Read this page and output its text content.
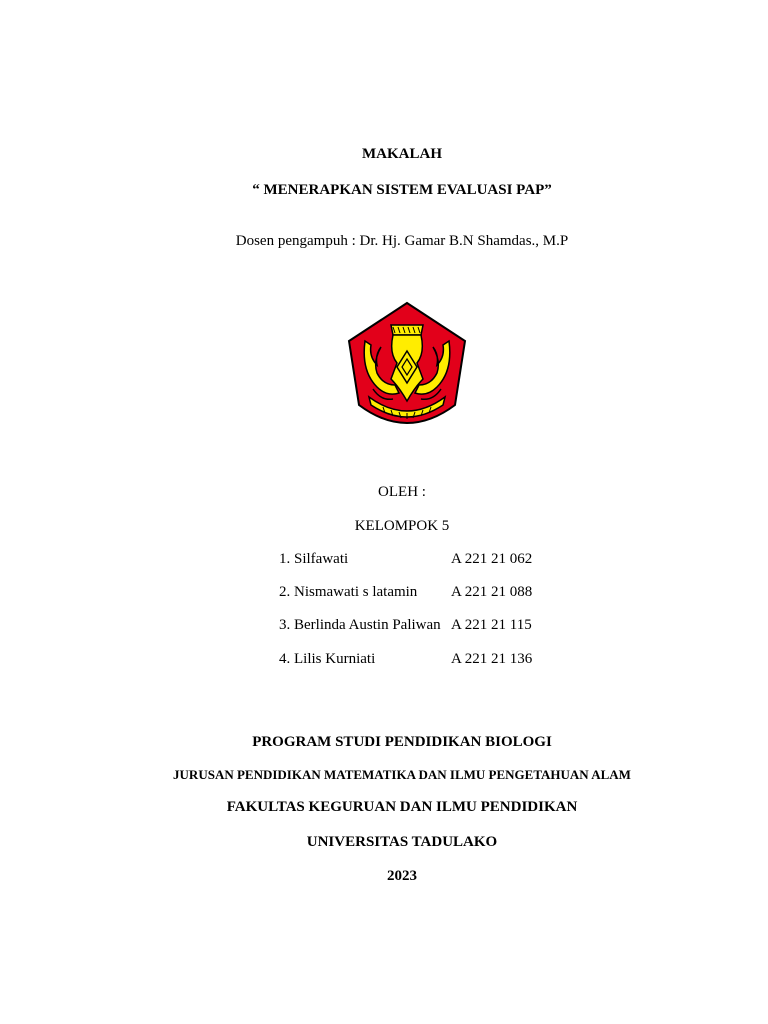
MAKALAH
“ MENERAPKAN SISTEM EVALUASI PAP”
Dosen pengampuh : Dr. Hj. Gamar B.N Shamdas., M.P
OLEH :
KELOMPOK 5
1. Silfawati	A 221 21 062
2. Nismawati s latamin A 221 21 088
3. Berlinda Austin Paliwan A 221 21 115
4. Lilis Kurniati	A 221 21 136
PROGRAM STUDI PENDIDIKAN BIOLOGI
JURUSAN PENDIDIKAN MATEMATIKA DAN ILMU PENGETAHUAN ALAM
FAKULTAS KEGURUAN DAN ILMU PENDIDIKAN
UNIVERSITAS TADULAKO
2023
